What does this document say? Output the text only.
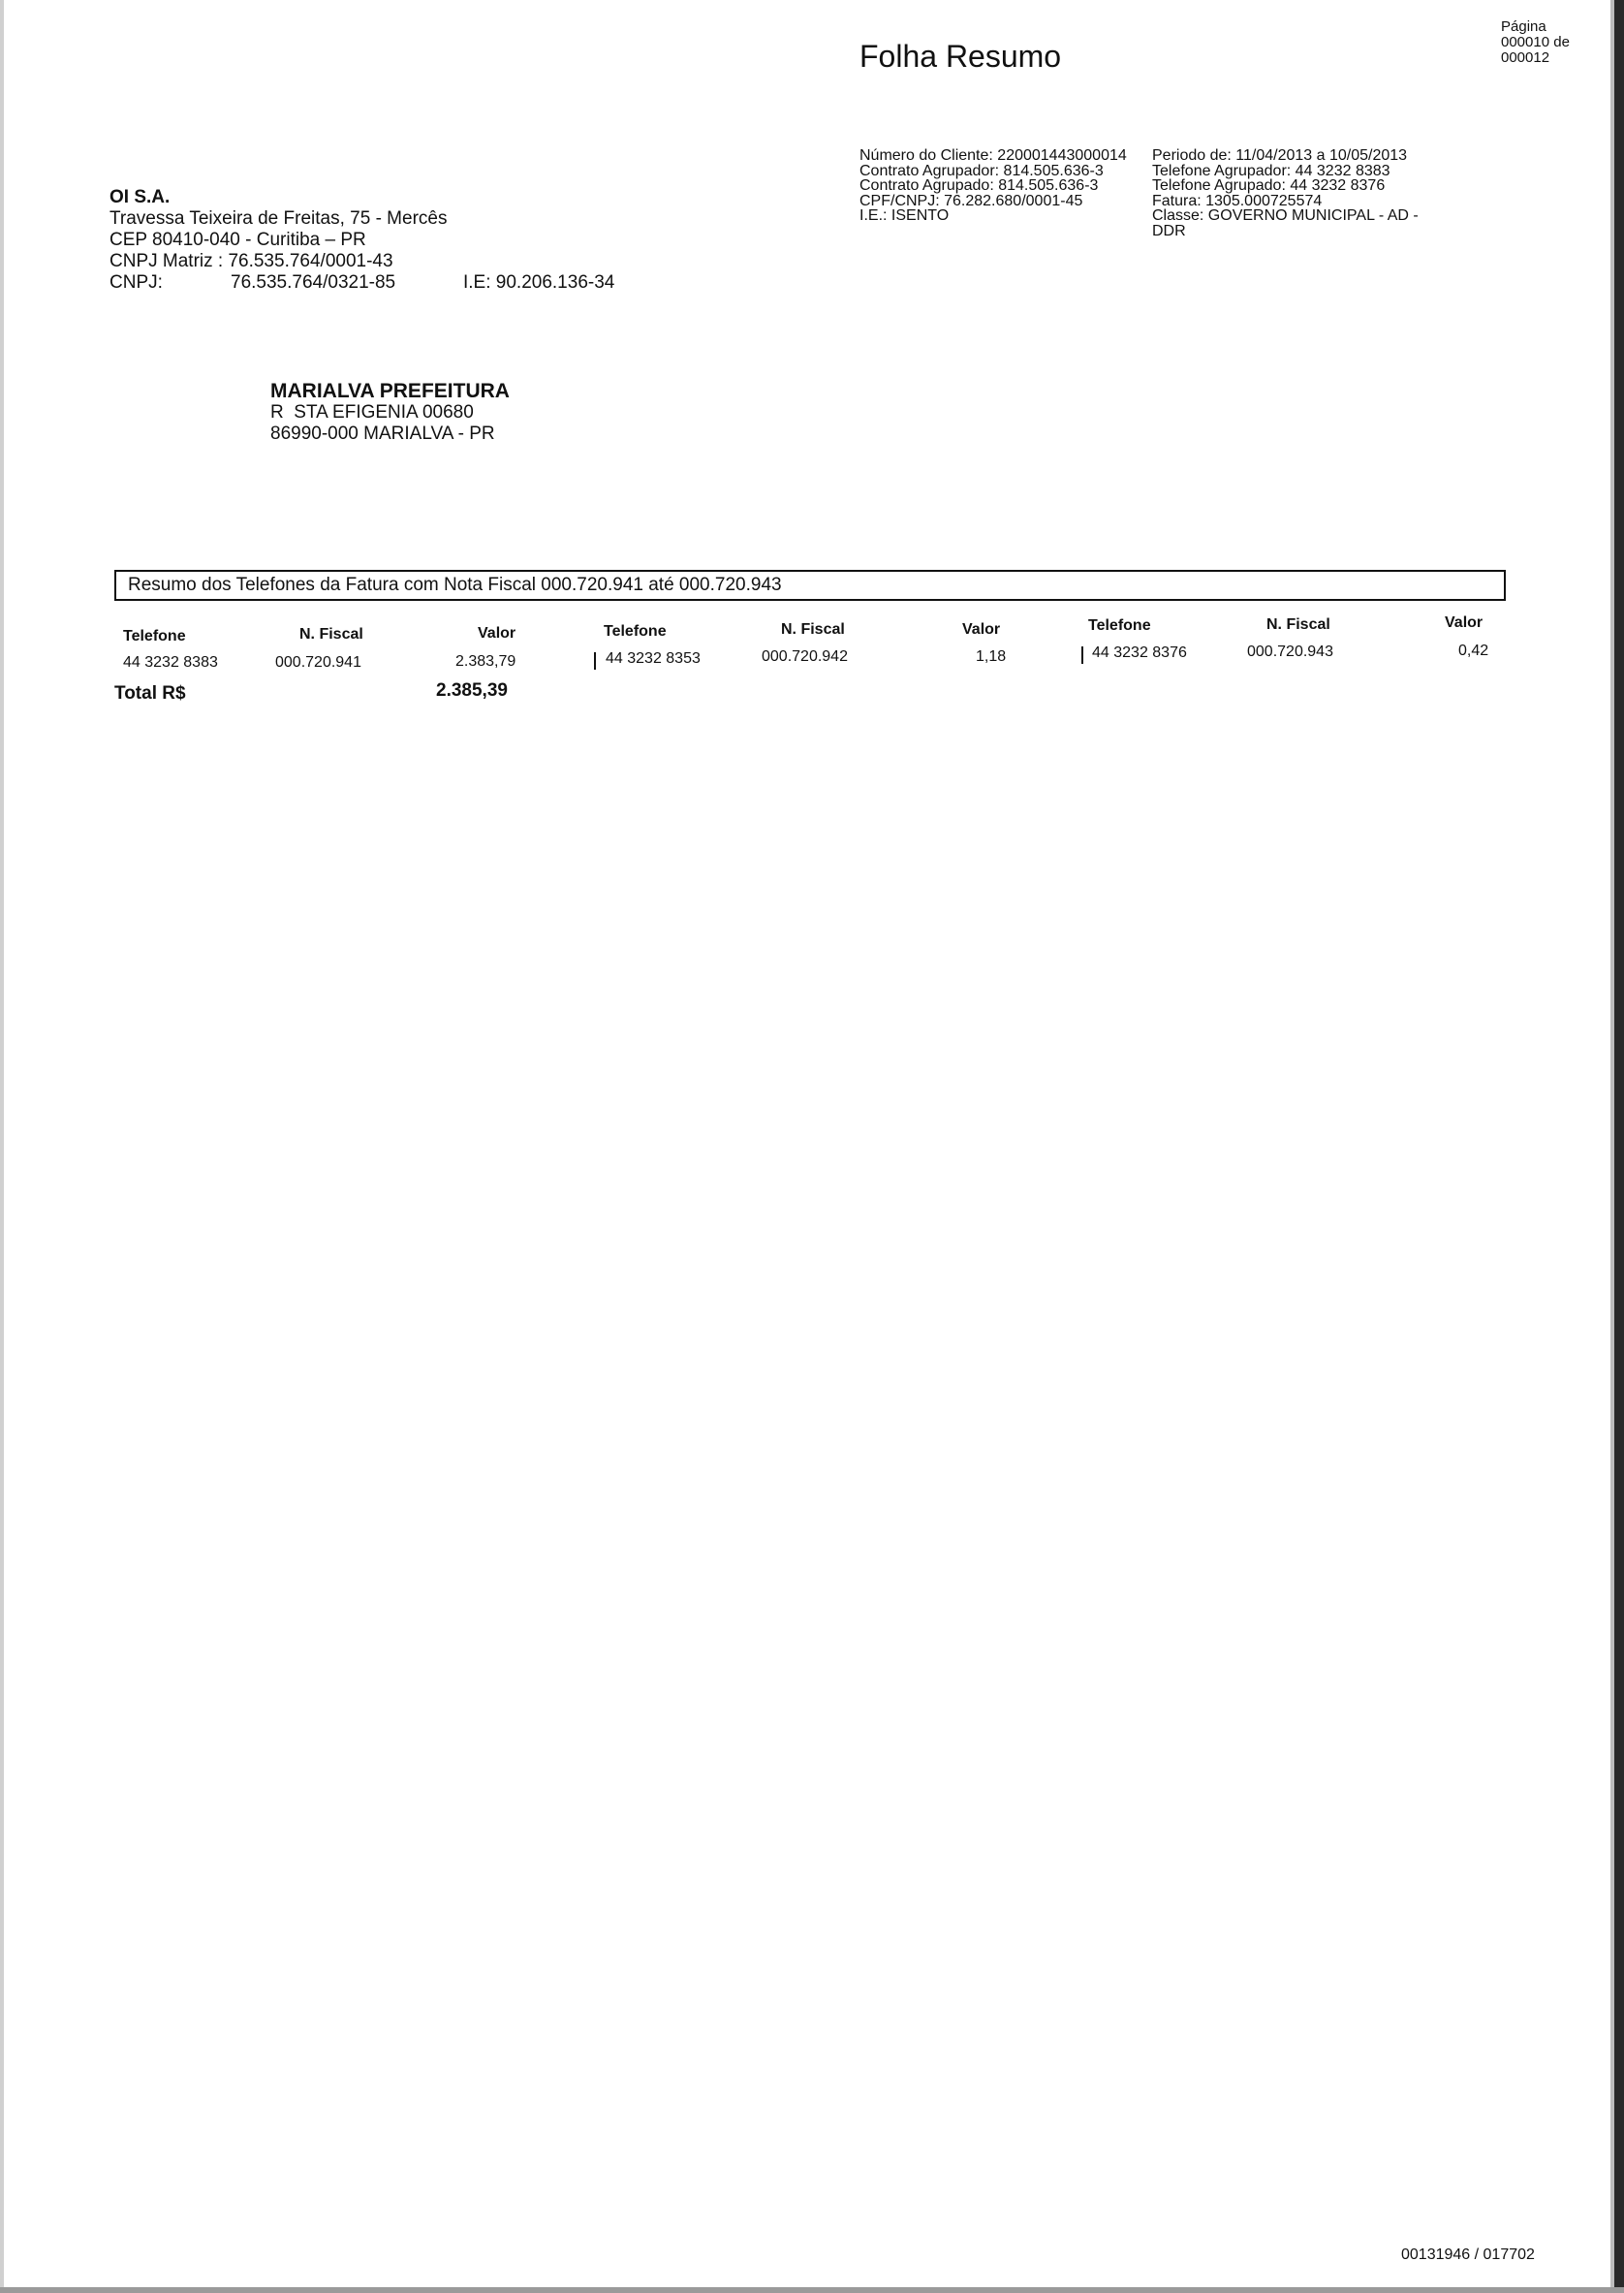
Folha Resumo
Página
000010 de
000012
OI S.A.
Travessa Teixeira de Freitas, 75 - Mercês
CEP 80410-040 - Curitiba – PR
CNPJ Matriz : 76.535.764/0001-43
CNPJ:	76.535.764/0321-85	I.E: 90.206.136-34
Número do Cliente: 220001443000014
Contrato Agrupador: 814.505.636-3
Contrato Agrupado: 814.505.636-3
CPF/CNPJ: 76.282.680/0001-45
I.E.: ISENTO
Periodo de: 11/04/2013 a 10/05/2013
Telefone Agrupador: 44 3232 8383
Telefone Agrupado: 44 3232 8376
Fatura: 1305.000725574
Classe: GOVERNO MUNICIPAL - AD -
DDR
MARIALVA PREFEITURA
R  STA EFIGENIA 00680
86990-000 MARIALVA - PR
Resumo dos Telefones da Fatura com Nota Fiscal 000.720.941 até 000.720.943
Telefone	N. Fiscal	Valor
44 3232 8383	000.720.941	2.383,79
Telefone	N. Fiscal	Valor
44 3232 8353	000.720.942	1,18
Telefone	N. Fiscal	Valor
44 3232 8376	000.720.943	0,42
Total R$	2.385,39
00131946 / 017702
